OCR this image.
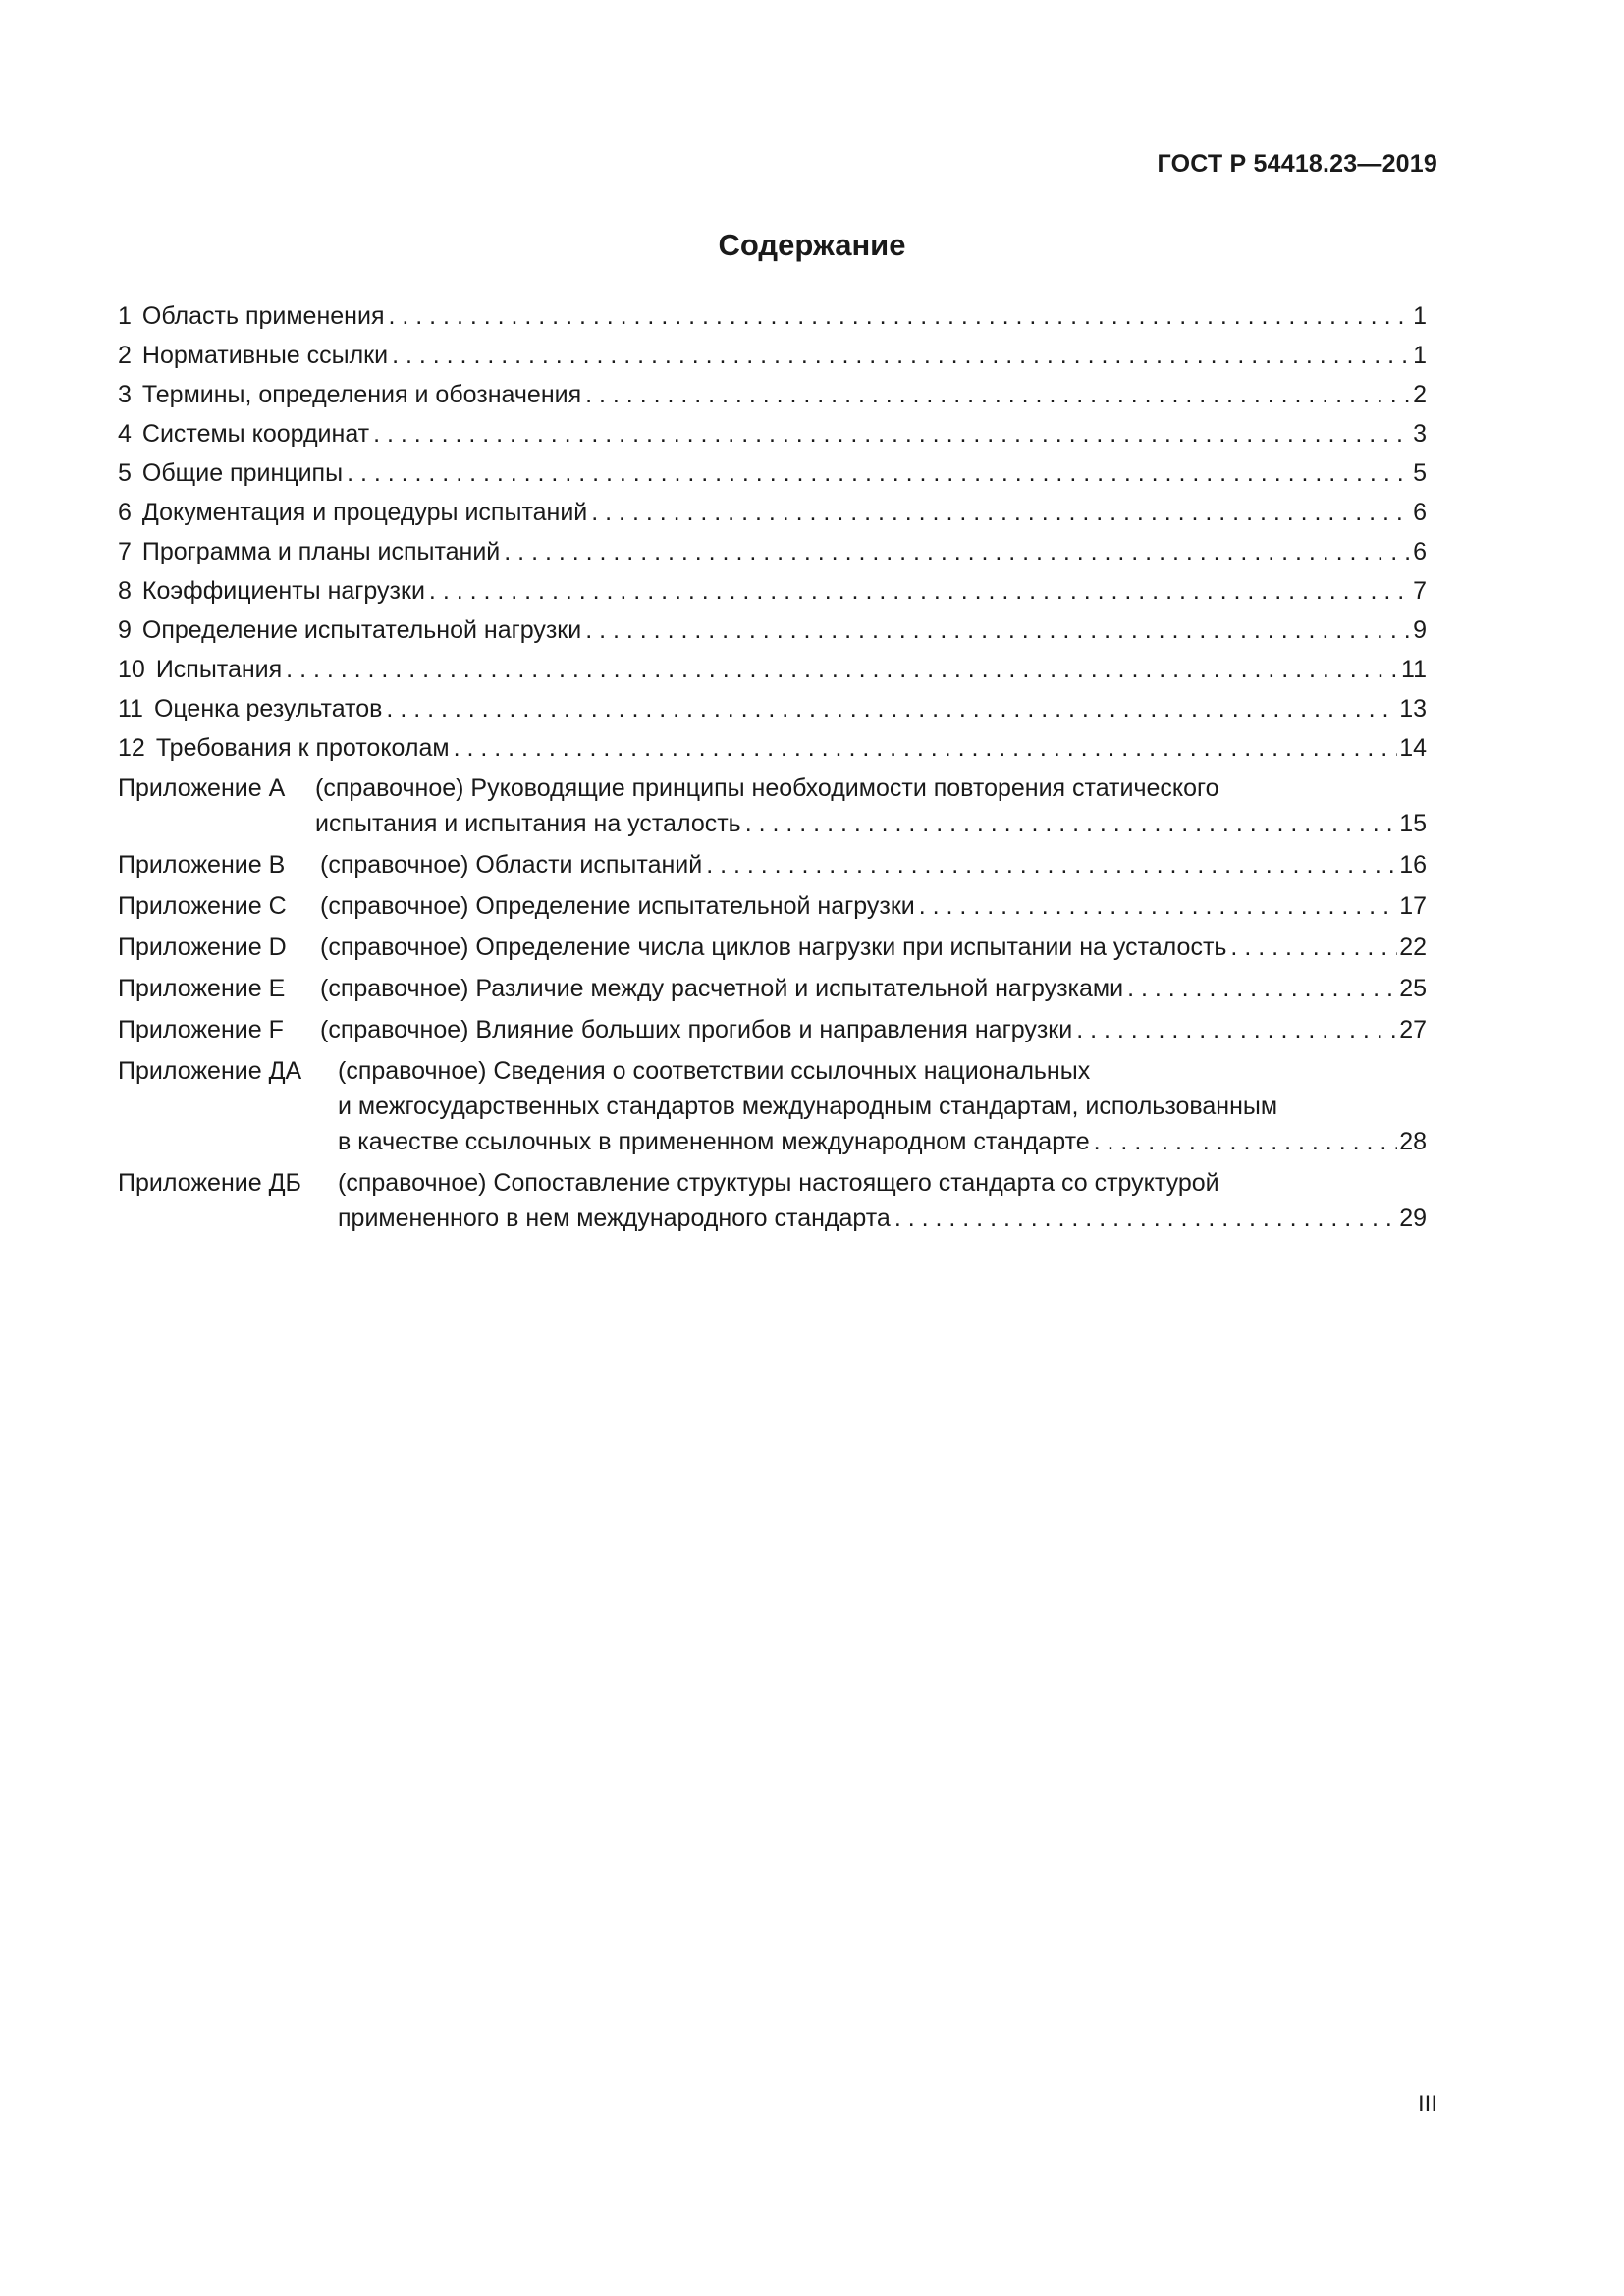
ГОСТ Р 54418.23—2019
Содержание
1 Область применения . . .	1
2 Нормативные ссылки . . .	1
3 Термины, определения и обозначения . . .	2
4 Системы координат . . .	3
5 Общие принципы . . .	5
6 Документация и процедуры испытаний . . .	6
7 Программа и планы испытаний . . .	6
8 Коэффициенты нагрузки . . .	7
9 Определение испытательной нагрузки . . .	9
10 Испытания . . .	11
11 Оценка результатов . . .	13
12 Требования к протоколам . . .	14
Приложение А	(справочное) Руководящие принципы необходимости повторения статического
испытания и испытания на усталость . . .	15
Приложение В	(справочное) Области испытаний . . .	16
Приложение С	(справочное) Определение испытательной нагрузки . . .	17
Приложение D	(справочное) Определение числа циклов нагрузки при испытании на усталость . . .	22
Приложение Е	(справочное) Различие между расчетной и испытательной нагрузками . . .	25
Приложение F	(справочное) Влияние больших прогибов и направления нагрузки . . .	27
Приложение ДА	(справочное) Сведения о соответствии ссылочных национальных
и межгосударственных стандартов международным стандартам, использованным
в качестве ссылочных в примененном международном стандарте . . .	28
Приложение ДБ	(справочное) Сопоставление структуры настоящего стандарта со структурой
примененного в нем международного стандарта . . .	29
III
